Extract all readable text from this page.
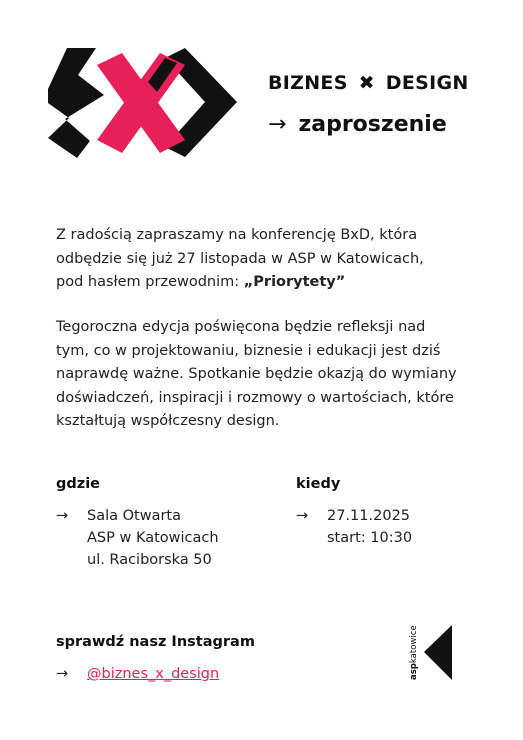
BIZNES ✖ DESIGN
→ zaproszenie
Z radością zapraszamy na konferencję BxD, która
odbędzie się już 27 listopada w ASP w Katowicach,
pod hasłem przewodnim: „Priorytety”
Tegoroczna edycja poświęcona będzie refleksji nad
tym, co w projektowaniu, biznesie i edukacji jest dziś
naprawdę ważne. Spotkanie będzie okazją do wymiany
doświadczeń, inspiracji i rozmowy o wartościach, które
kształtują współczesny design.
gdzie
→ Sala Otwarta
ASP w Katowicach
ul. Raciborska 50
kiedy
→ 27.11.2025
start: 10:30
sprawdź nasz Instagram
→ @biznes_x_design	aspkatowice
